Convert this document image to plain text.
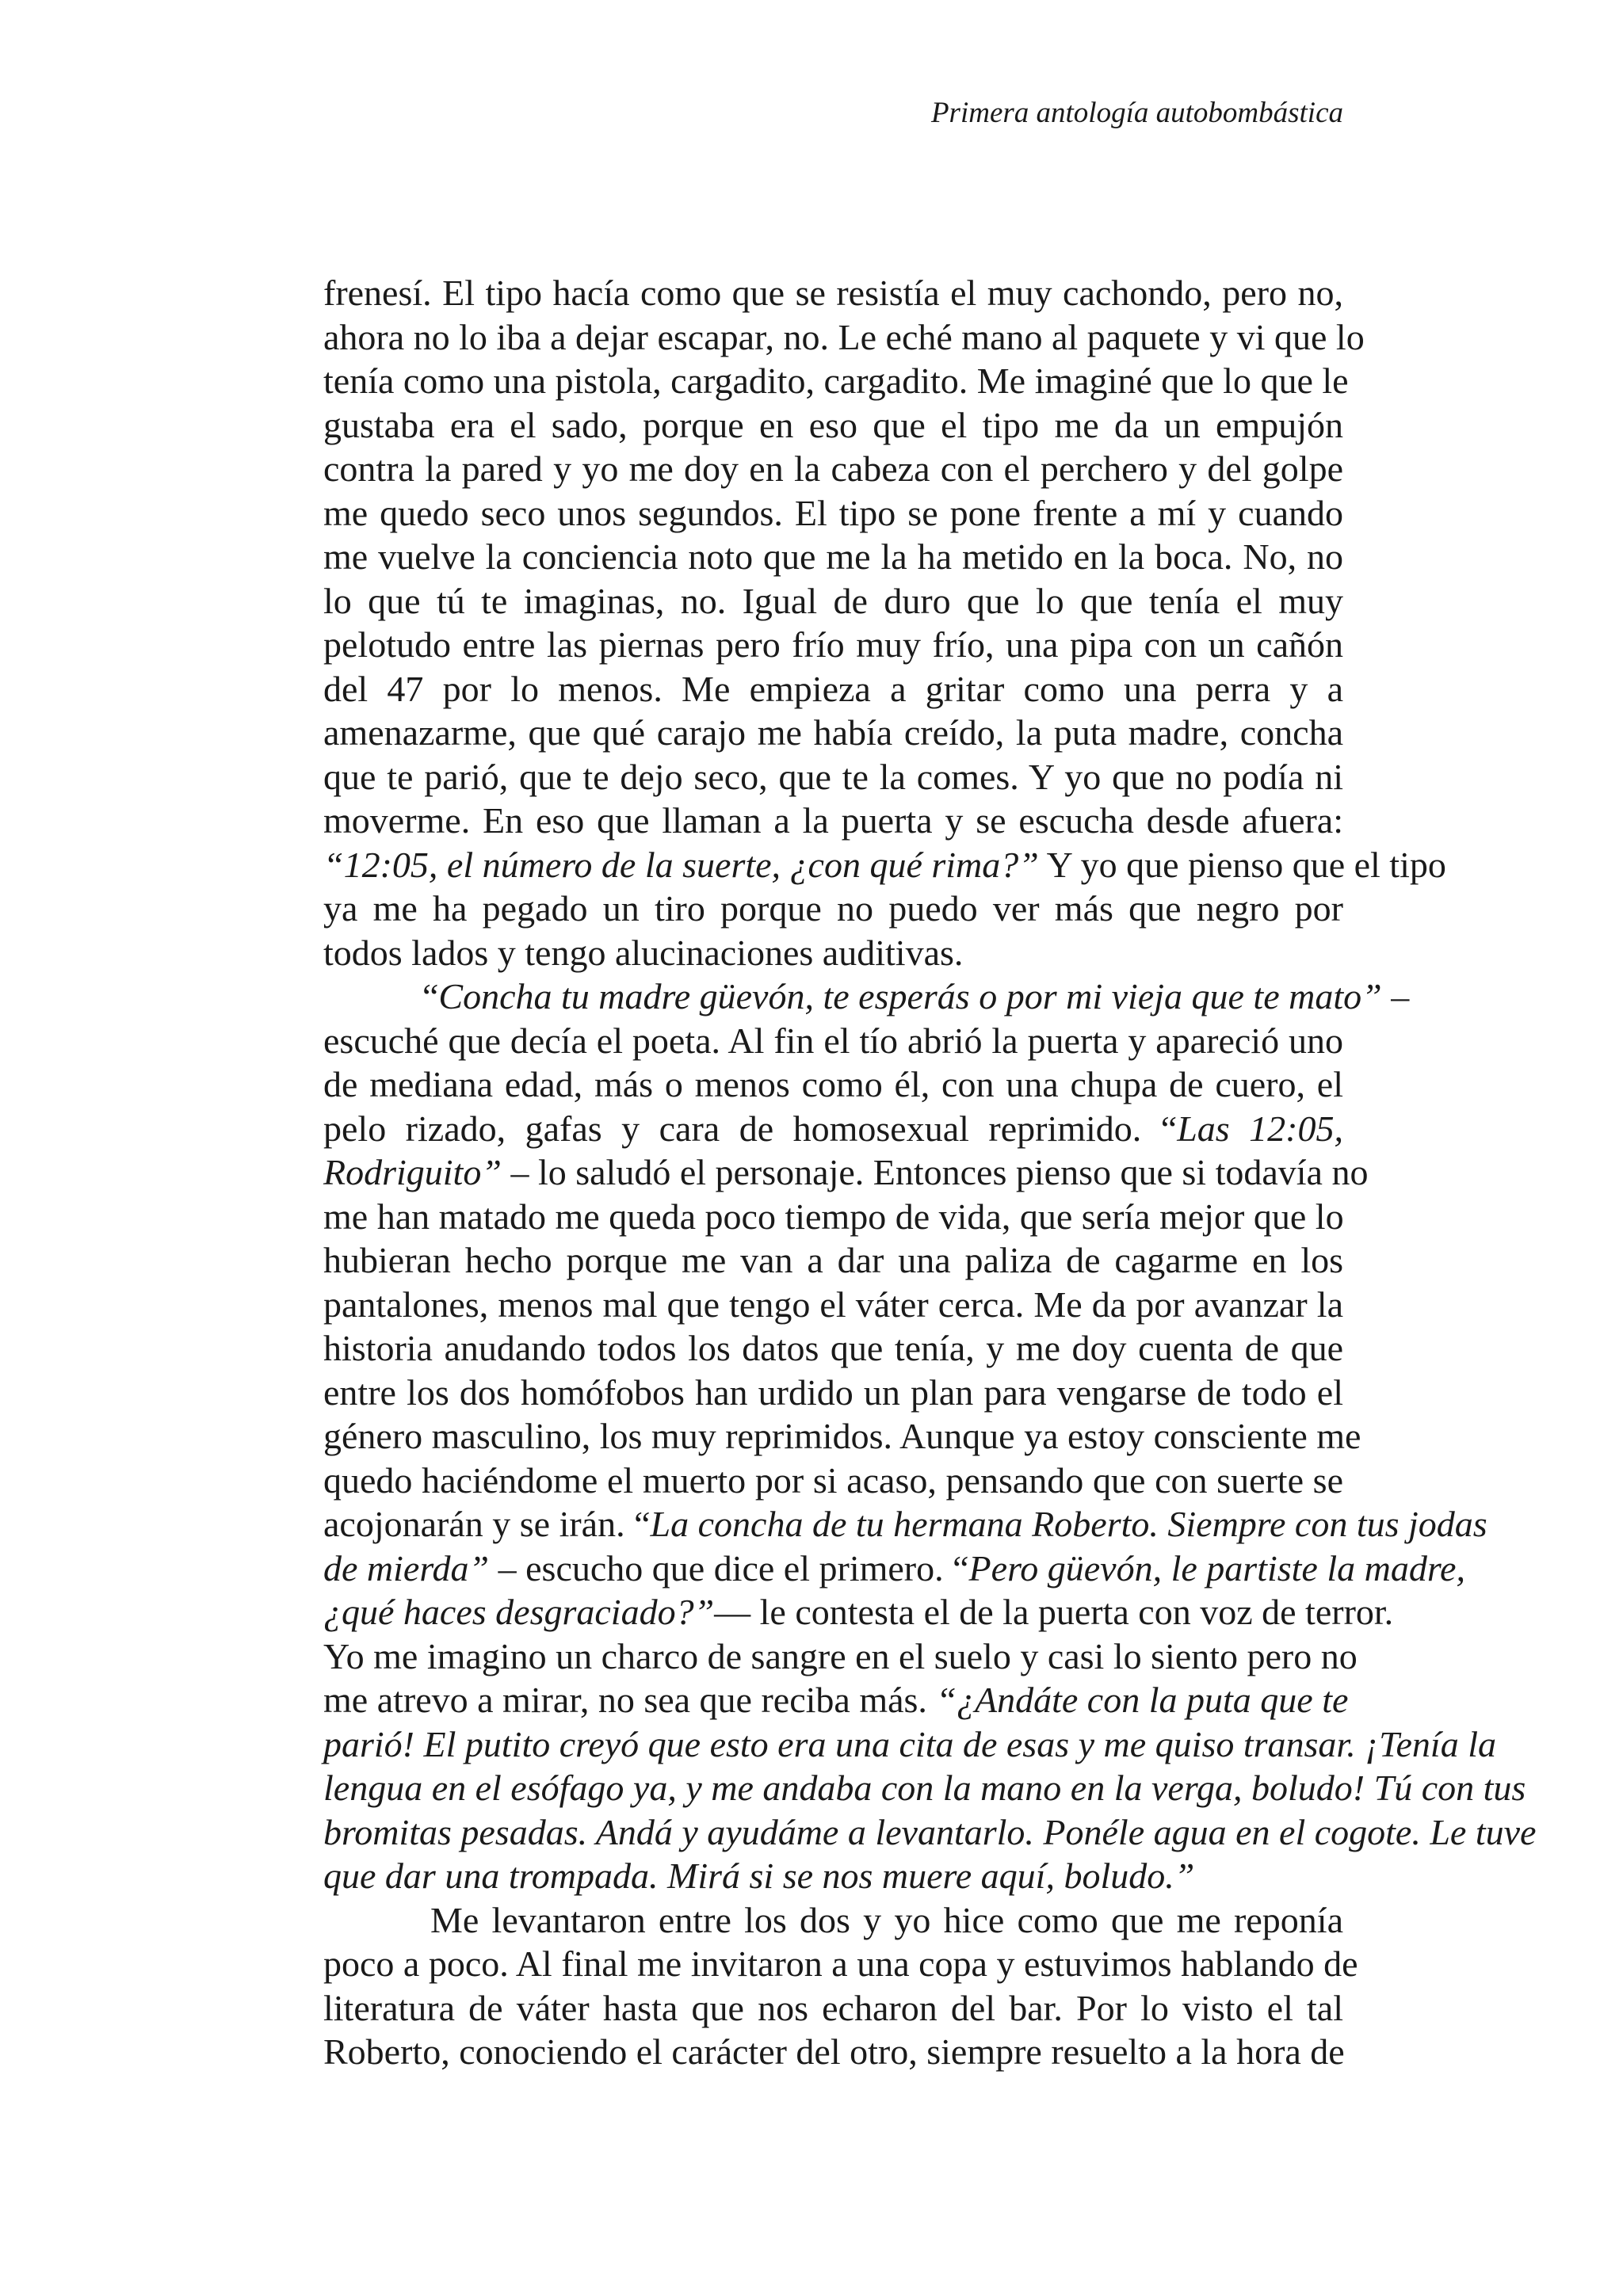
Primera antología autobombástica
frenesí. El tipo hacía como que se resistía el muy cachondo, pero no,
ahora no lo iba a dejar escapar, no. Le eché mano al paquete y vi que lo
tenía como una pistola, cargadito, cargadito. Me imaginé que lo que le
gustaba era el sado, porque en eso que el tipo me da un empujón
contra la pared y yo me doy en la cabeza con el perchero y del golpe
me quedo seco unos segundos. El tipo se pone frente a mí y cuando
me vuelve la conciencia noto que me la ha metido en la boca. No, no
lo que tú te imaginas, no. Igual de duro que lo que tenía el muy
pelotudo entre las piernas pero frío muy frío, una pipa con un cañón
del 47 por lo menos. Me empieza a gritar como una perra y a
amenazarme, que qué carajo me había creído, la puta madre, concha
que te parió, que te dejo seco, que te la comes. Y yo que no podía ni
moverme. En eso que llaman a la puerta y se escucha desde afuera:
“12:05, el número de la suerte, ¿con qué rima?” Y yo que pienso que el tipo
ya me ha pegado un tiro porque no puedo ver más que negro por
todos lados y tengo alucinaciones auditivas.
“Concha tu madre güevón, te esperás o por mi vieja que te mato” –
escuché que decía el poeta. Al fin el tío abrió la puerta y apareció uno
de mediana edad, más o menos como él, con una chupa de cuero, el
pelo rizado, gafas y cara de homosexual reprimido. “Las 12:05,
Rodriguito” – lo saludó el personaje. Entonces pienso que si todavía no
me han matado me queda poco tiempo de vida, que sería mejor que lo
hubieran hecho porque me van a dar una paliza de cagarme en los
pantalones, menos mal que tengo el váter cerca. Me da por avanzar la
historia anudando todos los datos que tenía, y me doy cuenta de que
entre los dos homófobos han urdido un plan para vengarse de todo el
género masculino, los muy reprimidos. Aunque ya estoy consciente me
quedo haciéndome el muerto por si acaso, pensando que con suerte se
acojonarán y se irán. “La concha de tu hermana Roberto. Siempre con tus jodas
de mierda” – escucho que dice el primero. “Pero güevón, le partiste la madre,
¿qué haces desgraciado?”— le contesta el de la puerta con voz de terror.
Yo me imagino un charco de sangre en el suelo y casi lo siento pero no
me atrevo a mirar, no sea que reciba más. “¿Andáte con la puta que te
parió! El putito creyó que esto era una cita de esas y me quiso transar. ¡Tenía la
lengua en el esófago ya, y me andaba con la mano en la verga, boludo! Tú con tus
bromitas pesadas. Andá y ayudáme a levantarlo. Ponéle agua en el cogote. Le tuve
que dar una trompada. Mirá si se nos muere aquí, boludo.”
Me levantaron entre los dos y yo hice como que me reponía
poco a poco. Al final me invitaron a una copa y estuvimos hablando de
literatura de váter hasta que nos echaron del bar. Por lo visto el tal
Roberto, conociendo el carácter del otro, siempre resuelto a la hora de
